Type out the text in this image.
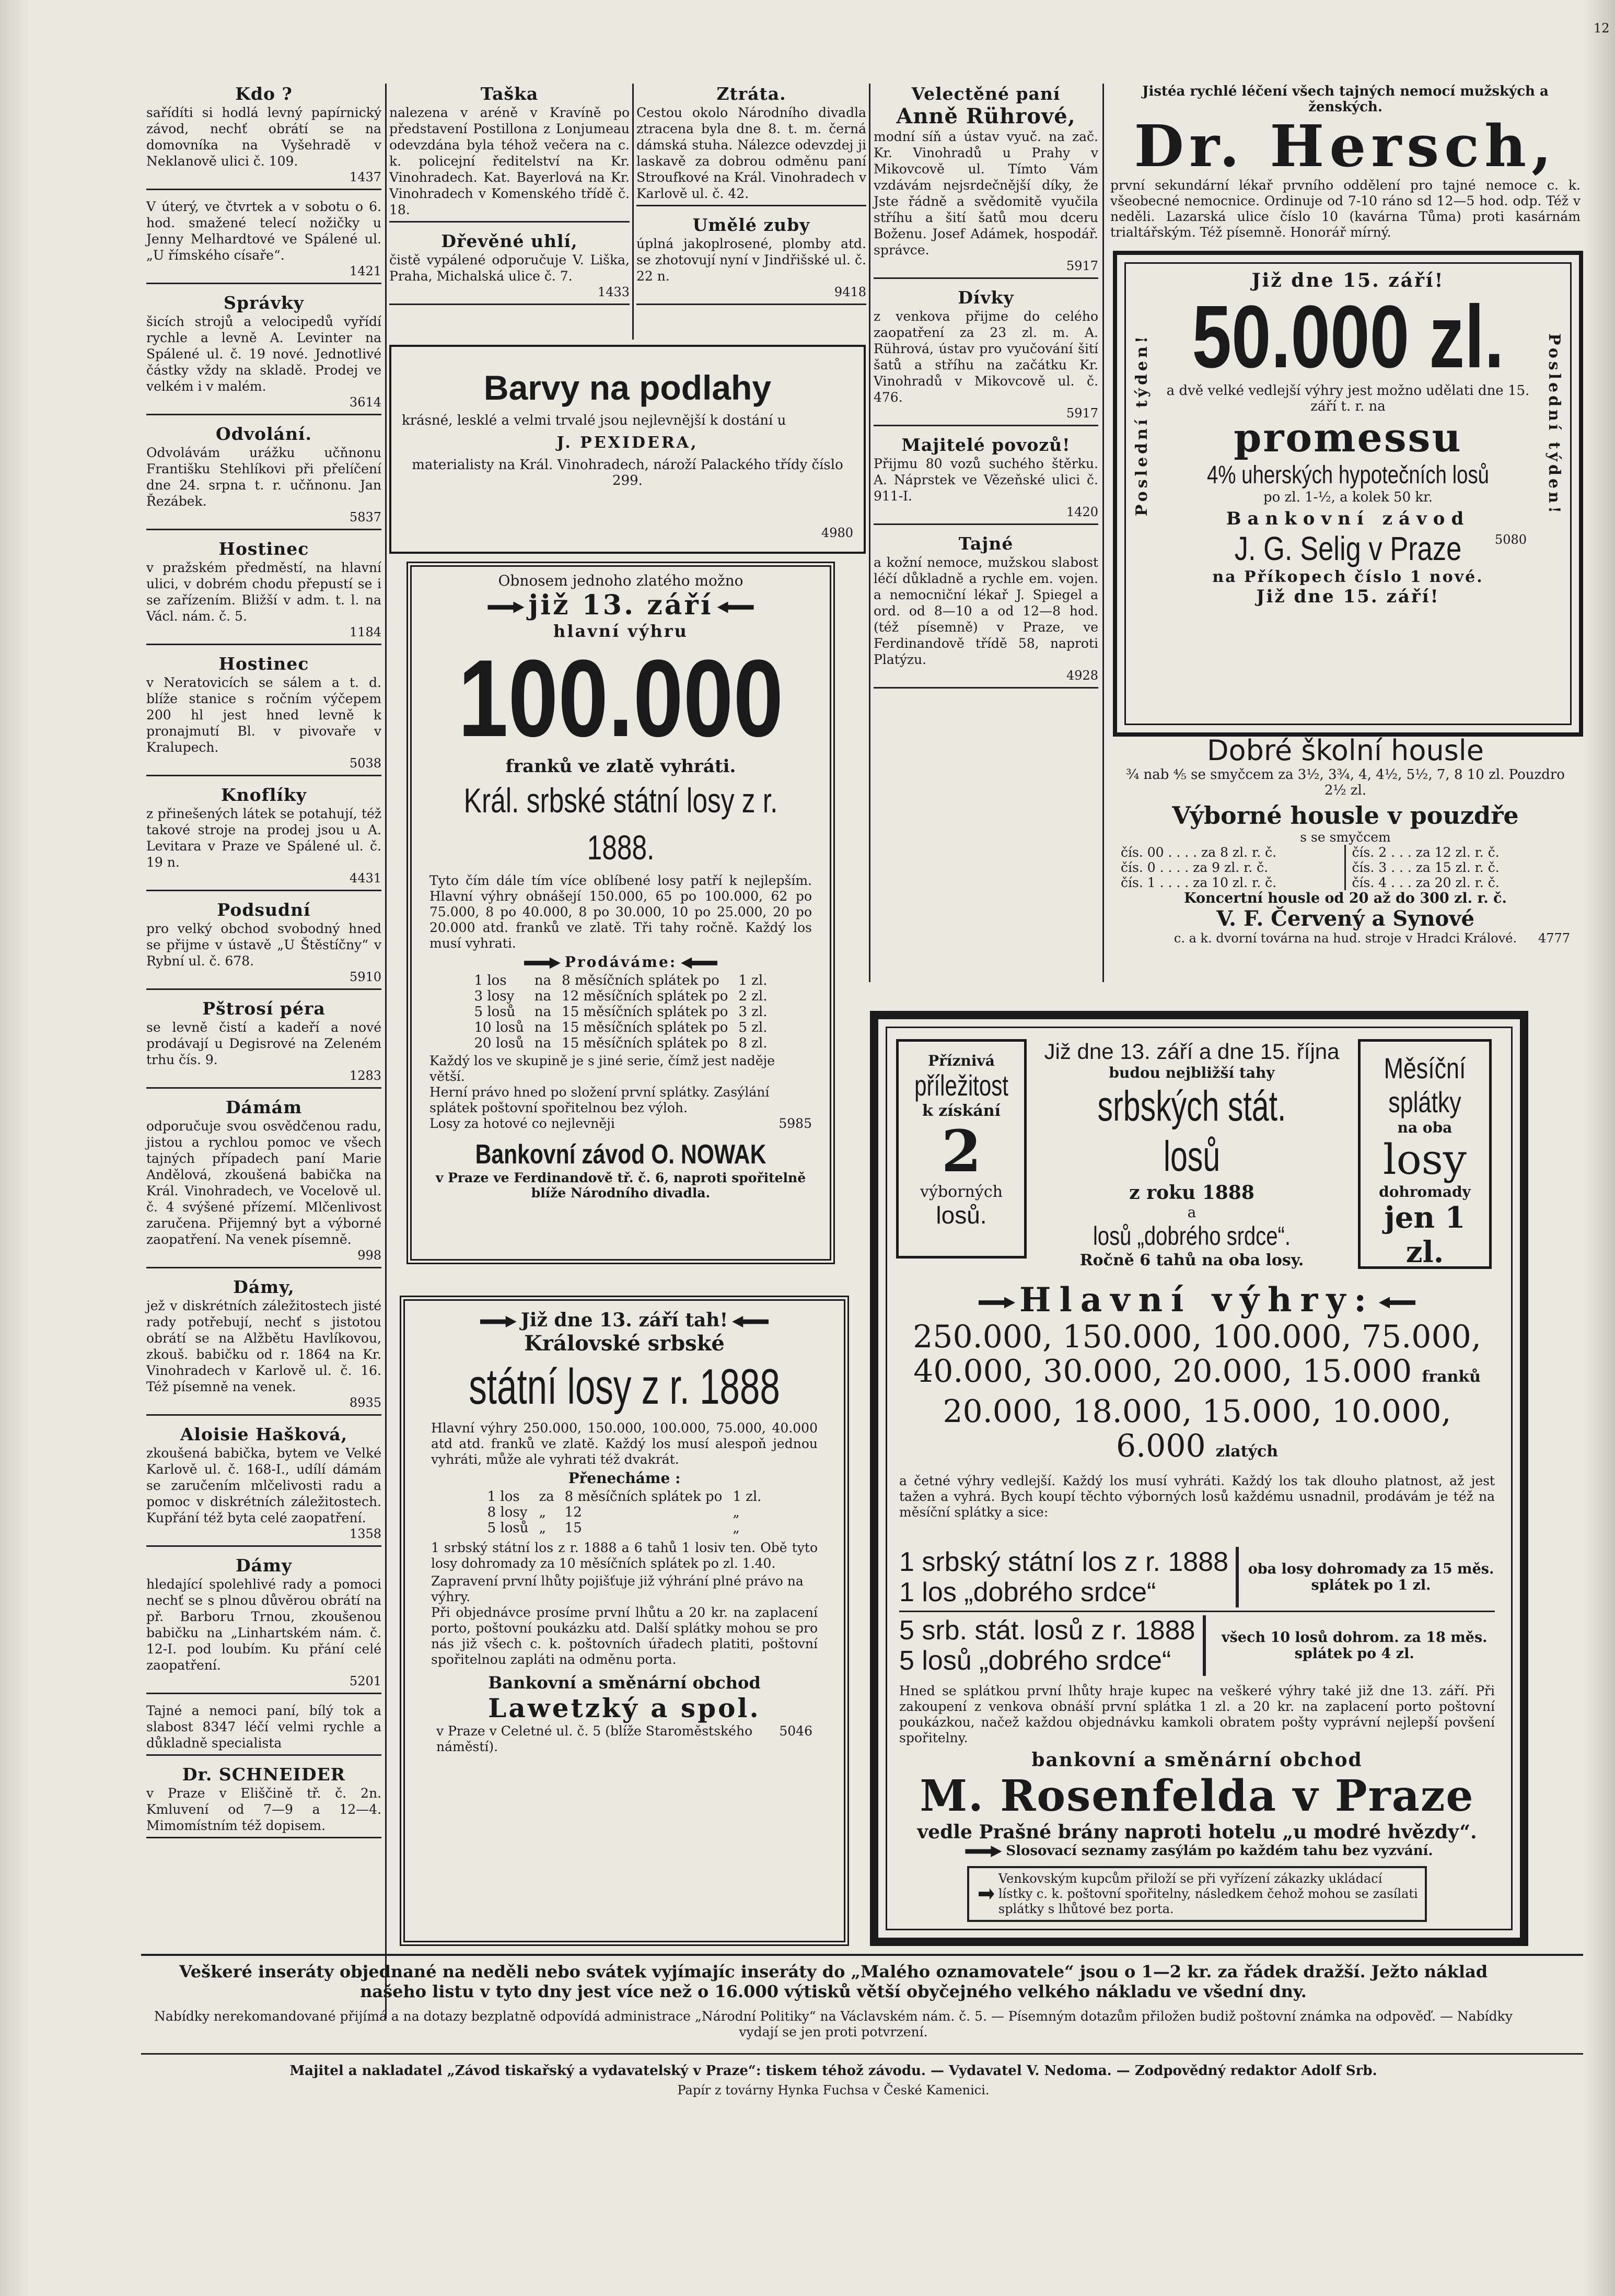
Kdo ?
sařídíti si hodlá levný papírnický závod, nechť obrátí se na domovníka na Vyšehradě v Neklanově ulici č. 109.
1437
V úterý, ve čtvrtek a v sobotu o 6. hod. smažené telecí nožičky u Jenny Melhardtové ve Spálené ul. „U římského císaře“.
1421
Správky
šicích strojů a velocipedů vyřídí rychle a levně A. Levinter na Spálené ul. č. 19 nové. Jednotlivé částky vždy na skladě. Prodej ve velkém i v malém.
3614
Odvolání.
Odvolávám urážku učňnonu Františku Stehlíkovi při přelíčení dne 24. srpna t. r. učňnonu. Jan Řezábek.
5837
Hostinec
v pražském předměstí, na hlavní ulici, v dobrém chodu přepustí se i se zařízením. Bližší v adm. t. l. na Václ. nám. č. 5.
1184
Hostinec
v Neratovicích se sálem a t. d. blíže stanice s ročním výčepem 200 hl jest hned levně k pronajmutí Bl. v pivovaře v Kralupech.
5038
Knoflíky
z přinešených látek se potahují, též takové stroje na prodej jsou u A. Levitara v Praze ve Spálené ul. č. 19 n.
4431
Podsudní
pro velký obchod svobodný hned se přijme v ústavě „U Štěstíčny“ v Rybní ul. č. 678.
5910
Pštrosí péra
se levně čistí a kadeří a nové prodávají u Degisrové na Zeleném trhu čís. 9.
1283
Dámám
odporučuje svou osvědčenou radu, jistou a rychlou pomoc ve všech tajných případech paní Marie Andělová, zkoušená babička na Král. Vinohradech, ve Vocelově ul. č. 4 svýšené přízemí. Mlčenlivost zaručena. Přijemný byt a výborné zaopatření. Na venek písemně.
998
Dámy,
jež v diskrétních záležitostech jisté rady potřebují, nechť s jistotou obrátí se na Alžbětu Havlíkovou, zkouš. babičku od r. 1864 na Kr. Vinohradech v Karlově ul. č. 16. Též písemně na venek.
8935
Aloisie Hašková,
zkoušená babička, bytem ve Velké Karlově ul. č. 168-I., udílí dámám se zaručením mlčelivosti radu a pomoc v diskrétních záležitostech. Kupřání též byta celé zaopatření.
1358
Dámy
hledající spolehlivé rady a pomoci nechť se s plnou důvěrou obrátí na př. Barboru Trnou, zkoušenou babičku na „Linhartském nám. č. 12-I. pod loubím. Ku přání celé zaopatření.
5201
Tajné a nemoci paní, bílý tok a slabost 8347 léčí velmi rychle a důkladně specialista
Dr. SCHNEIDER
v Praze v Eliščině tř. č. 2n. Kmluvení od 7—9 a 12—4. Mimomístním též dopisem.
Taška
nalezena v aréně v Kravíně po představení Postillona z Lonjumeau odevzdána byla téhož večera na c. k. policejní ředitelství na Kr. Vinohradech. Kat. Bayerlová na Kr. Vinohradech v Komenského třídě č. 18.
Dřevěné uhlí,
čistě vypálené odporučuje V. Liška, Praha, Michalská ulice č. 7.
1433
Ztráta.
Cestou okolo Národního divadla ztracena byla dne 8. t. m. černá dámská stuha. Nálezce odevzdej ji laskavě za dobrou odměnu paní Stroufkové na Král. Vinohradech v Karlově ul. č. 42.
Umělé zuby
úplná jakoplrosené, plomby atd. se zhotovují nyní v Jindřišské ul. č. 22 n.
9418
Velectěné paní
Anně Rührové,
modní síň a ústav vyuč. na zač. Kr. Vinohradů u Prahy v Mikovcově ul. Tímto Vám vzdávám nejsrdečnější díky, že Jste řádně a svědomitě vyučila stříhu a šití šatů mou dceru Boženu. Josef Adámek, hospodář. správce.
5917
Dívky
z venkova přijme do celého zaopatření za 23 zl. m. A. Rührová, ústav pro vyučování šití šatů a stříhu na začátku Kr. Vinohradů v Mikovcově ul. č. 476.
5917
Majitelé povozů!
Přijmu 80 vozů suchého štěrku. A. Náprstek ve Vězeňské ulici č. 911-I.
1420
Tajné
a kožní nemoce, mužskou slabost léčí důkladně a rychle em. vojen. a nemocniční lékař J. Spiegel a ord. od 8—10 a od 12—8 hod. (též písemně) v Praze, ve Ferdinandově třídě 58, naproti Platýzu.
4928
Barvy na podlahy
krásné, lesklé a velmi trvalé jsou nejlevnější k dostání u
J. PEXIDERA,
materialisty na Král. Vinohradech, nároží Palackého třídy číslo 299.
4980
Obnosem jednoho zlatého možno
již 13. září
hlavní výhru
100.000
franků ve zlatě vyhráti.
Král. srbské státní losy z r. 1888.
Tyto čím dále tím více oblíbené losy patří k nejlepším. Hlavní výhry obnášejí 150.000, 65 po 100.000, 62 po 75.000, 8 po 40.000, 8 po 30.000, 10 po 25.000, 20 po 20.000 atd. franků ve zlatě. Tři tahy ročně. Každý los musí vyhrati.
Prodáváme:
1 los	na	8 měsíčních splátek po	1 zl.
3 losy	na	12 měsíčních splátek po	2 zl.
5 losů	na	15 měsíčních splátek po	3 zl.
10 losů	na	15 měsíčních splátek po	5 zl.
20 losů	na	15 měsíčních splátek po	8 zl.
Každý los ve skupině je s jiné serie, čímž jest naděje větší.
Herní právo hned po složení první splátky. Zasýlání splátek poštovní spořitelnou bez výloh.
Losy za hotové co nejlevněji	5985
Bankovní závod O. NOWAK
v Praze ve Ferdinandově tř. č. 6, naproti spořitelně blíže Národního divadla.
Již dne 13. září tah!
Královské srbské
státní losy z r. 1888
Hlavní výhry 250.000, 150.000, 100.000, 75.000, 40.000 atd atd. franků ve zlatě. Každý los musí alespoň jednou vyhráti, může ale vyhrati též dvakrát.
Přenecháme :
1 los	za	8 měsíčních splátek po	1 zl.
8 losy	„	12	„
5 losů	„	15	„
1 srbský státní los z r. 1888 a 6 tahů 1 losiv ten. Obě tyto losy dohromady za 10 měsíčních splátek po zl. 1.40.
Zapravení první lhůty pojišťuje již výhrání plné právo na výhry.
Při objednávce prosíme první lhůtu a 20 kr. na zaplacení porto, poštovní poukázku atd. Další splátky mohou se pro nás již všech c. k. poštovních úřadech platiti, poštovní spořitelnou zapláti na odměnu porta.
Bankovní a směnární obchod
Lawetzký a spol.
v Praze v Celetné ul. č. 5 (blíže Staroměstského náměstí).
5046
Jistéa rychlé léčení všech tajných nemocí mužských a ženských.
Dr. Hersch,
první sekundární lékař prvního oddělení pro tajné nemoce c. k. všeobecné nemocnice. Ordinuje od 7-10 ráno sd 12—5 hod. odp. Též v neděli. Lazarská ulice číslo 10 (kavárna Tůma) proti kasárnám trialtářským. Též písemně. Honorář mírný.
Poslední týden!	Poslední týden!
Již dne 15. září!
50.000 zl.
a dvě velké vedlejší výhry jest možno udělati dne 15. září t. r. na
promessu
4% uherských hypotečních losů
po zl. 1-½, a kolek 50 kr.
Bankovní závod
J. G. Selig v Praze	5080
na Příkopech číslo 1 nové.
Již dne 15. září!
Dobré školní housle
¾ nab ⅘ se smyčcem za 3½, 3¾, 4, 4½, 5½, 7, 8 10 zl. Pouzdro 2½ zl.
Výborné housle v pouzdře
s se smyčcem
čís. 00 . . . . za 8 zl. r. č.
čís. 0 . . . . za 9 zl. r. č.
čís. 1 . . . . za 10 zl. r. č.
čís. 2 . . . za 12 zl. r. č.
čís. 3 . . . za 15 zl. r. č.
čís. 4 . . . za 20 zl. r. č.
Koncertní housle od 20 až do 300 zl. r. č.
V. F. Červený a Synové
c. a k. dvorní továrna na hud. stroje v Hradci Králové. 4777
Příznivá
příležitost
k získání
2
výborných
losů.
Již dne 13. září a dne 15. října
budou nejbližší tahy
srbských stát. losů
z roku 1888
a
losů „dobrého srdce“.
Ročně 6 tahů na oba losy.
Měsíční
splátky
na oba
losy
dohromady
jen 1 zl.
Hlavní výhry:
250.000, 150.000, 100.000, 75.000,
40.000, 30.000, 20.000, 15.000 franků
20.000, 18.000, 15.000, 10.000,
6.000 zlatých
a četné výhry vedlejší. Každý los musí vyhráti. Každý los tak dlouho platnost, až jest tažen a vyhrá. Bych koupí těchto výborných losů každému usnadnil, prodávám je též na měsíční splátky a sice:
1 srbský státní los z r. 1888
1 los „dobrého srdce“
oba losy dohromady za 15 měs. splátek po 1 zl.
5 srb. stát. losů z r. 1888
5 losů „dobrého srdce“
všech 10 losů dohrom. za 18 měs. splátek po 4 zl.
Hned se splátkou první lhůty hraje kupec na veškeré výhry také již dne 13. září. Při zakoupení z venkova obnáší první splátka 1 zl. a 20 kr. na zaplacení porto poštovní poukázkou, načež každou objednávku kamkoli obratem pošty vyprávní nejlepší povšení spořitelny.
bankovní a směnární obchod
M. Rosenfelda v Praze
vedle Prašné brány naproti hotelu „u modré hvězdy“.
Slosovací seznamy zasýlám po každém tahu bez vyzvání.
Venkovským kupcům přiloží se při vyřízení zákazky ukládací lístky c. k. poštovní spořitelny, následkem čehož mohou se zasílati splátky s lhůtové bez porta.
Veškeré inseráty objednané na neděli nebo svátek vyjímajíc inseráty do „Malého oznamovatele“ jsou o 1—2 kr. za řádek dražší. Ježto náklad našeho listu v tyto dny jest více než o 16.000 výtisků větší obyčejného velkého nákladu ve všední dny.
Nabídky nerekomandované přijímá a na dotazy bezplatně odpovídá administrace „Národní Politiky“ na Václavském nám. č. 5. — Písemným dotazům přiložen budiž poštovní známka na odpověď. — Nabídky vydají se jen proti potvrzení.
Majitel a nakladatel „Závod tiskařský a vydavatelský v Praze“: tiskem téhož závodu. — Vydavatel V. Nedoma. — Zodpovědný redaktor Adolf Srb.
Papír z továrny Hynka Fuchsa v České Kamenici.
12
